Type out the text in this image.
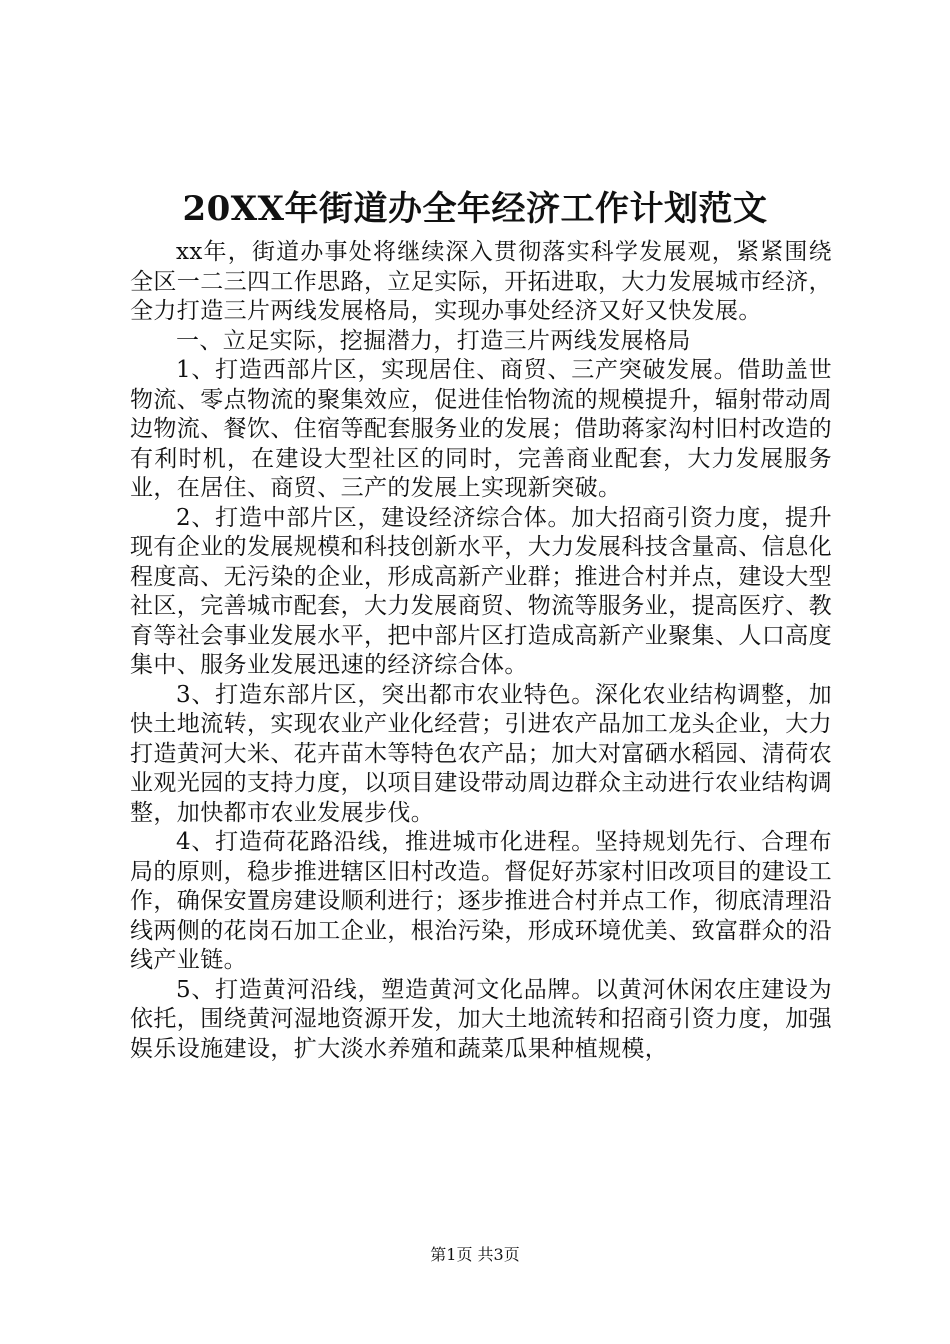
20XX年街道办全年经济工作计划范文

xx年，街道办事处将继续深入贯彻落实科学发展观，紧紧围绕全区一二三四工作思路，立足实际，开拓进取，大力发展城市经济，全力打造三片两线发展格局，实现办事处经济又好又快发展。

一、立足实际，挖掘潜力，打造三片两线发展格局

1、打造西部片区，实现居住、商贸、三产突破发展。借助盖世物流、零点物流的聚集效应，促进佳怡物流的规模提升，辐射带动周边物流、餐饮、住宿等配套服务业的发展；借助蒋家沟村旧村改造的有利时机，在建设大型社区的同时，完善商业配套，大力发展服务业，在居住、商贸、三产的发展上实现新突破。

2、打造中部片区，建设经济综合体。加大招商引资力度，提升现有企业的发展规模和科技创新水平，大力发展科技含量高、信息化程度高、无污染的企业，形成高新产业群；推进合村并点，建设大型社区，完善城市配套，大力发展商贸、物流等服务业，提高医疗、教育等社会事业发展水平，把中部片区打造成高新产业聚集、人口高度集中、服务业发展迅速的经济综合体。

3、打造东部片区，突出都市农业特色。深化农业结构调整，加快土地流转，实现农业产业化经营；引进农产品加工龙头企业，大力打造黄河大米、花卉苗木等特色农产品；加大对富硒水稻园、清荷农业观光园的支持力度，以项目建设带动周边群众主动进行农业结构调整，加快都市农业发展步伐。

4、打造荷花路沿线，推进城市化进程。坚持规划先行、合理布局的原则，稳步推进辖区旧村改造。督促好苏家村旧改项目的建设工作，确保安置房建设顺利进行；逐步推进合村并点工作，彻底清理沿线两侧的花岗石加工企业，根治污染，形成环境优美、致富群众的沿线产业链。

5、打造黄河沿线，塑造黄河文化品牌。以黄河休闲农庄建设为依托，围绕黄河湿地资源开发，加大土地流转和招商引资力度，加强娱乐设施建设，扩大淡水养殖和蔬菜瓜果种植规模，

第1页 共3页
